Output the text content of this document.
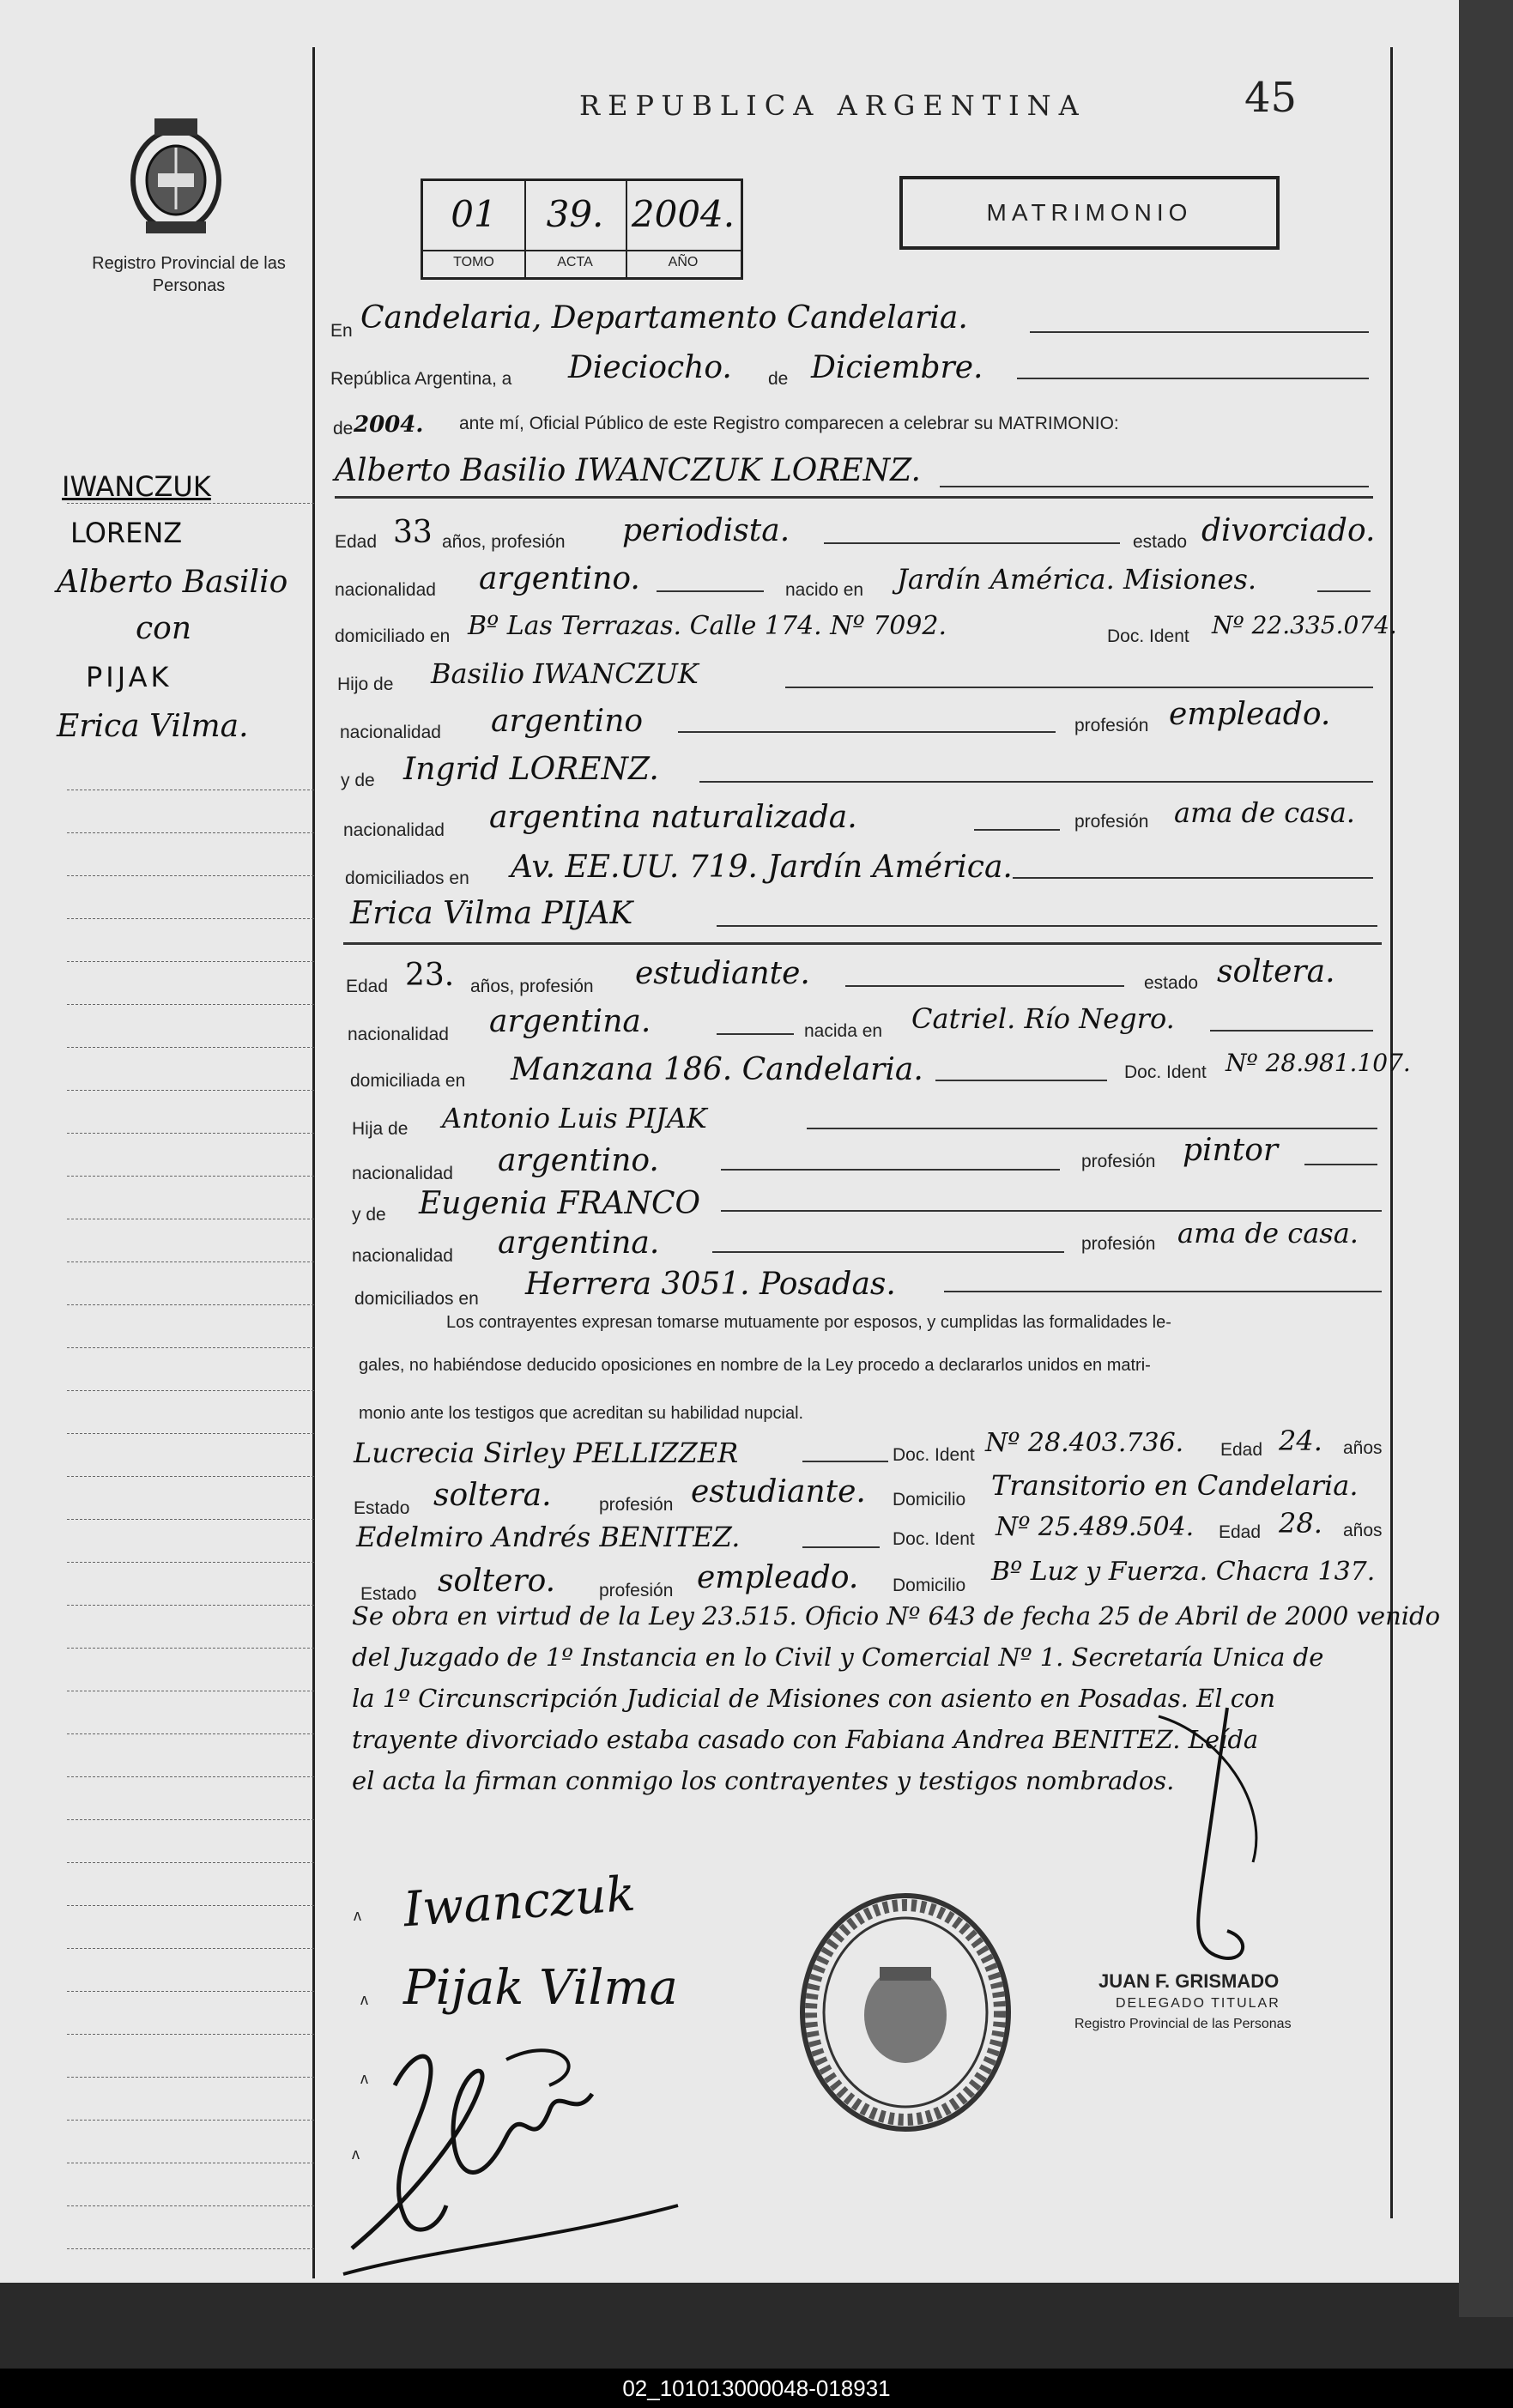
Registro Provincial de las Personas
REPUBLICA ARGENTINA	45
01
TOMO
39.
ACTA
2004.
AÑO
MATRIMONIO
IWANCZUK
LORENZ
Alberto Basilio
con
PIJAK
Erica Vilma.
En Candelaria, Departamento Candelaria.
República Argentina, a Dieciocho. de Diciembre.
de 2004. ante mí, Oficial Público de este Registro comparecen a celebrar su MATRIMONIO:
Alberto Basilio IWANCZUK LORENZ.
Edad 33 años, profesión periodista.	estado divorciado.
nacionalidad argentino.	nacido en Jardín América. Misiones.
domiciliado en Bº Las Terrazas. Calle 174. Nº 7092.	Doc. Ident Nº 22.335.074.
Hijo de Basilio IWANCZUK
nacionalidad argentino	profesión empleado.
y de Ingrid LORENZ.
nacionalidad argentina naturalizada.	profesión ama de casa.
domiciliados en Av. EE.UU. 719. Jardín América.
Erica Vilma PIJAK
Edad 23. años, profesión estudiante.	estado soltera.
nacionalidad argentina.	nacida en Catriel. Río Negro.
domiciliada en Manzana 186. Candelaria.	Doc. Ident Nº 28.981.107.
Hija de Antonio Luis PIJAK
nacionalidad argentino.	profesión pintor
y de Eugenia FRANCO
nacionalidad argentina.	profesión ama de casa.
domiciliados en Herrera 3051. Posadas.
Los contrayentes expresan tomarse mutuamente por esposos, y cumplidas las formalidades le-
gales, no habiéndose deducido oposiciones en nombre de la Ley procedo a declararlos unidos en matri-
monio ante los testigos que acreditan su habilidad nupcial.
Lucrecia Sirley PELLIZZER	Doc. Ident Nº 28.403.736. Edad 24. años
Estado soltera.	profesión estudiante. Domicilio Transitorio en Candelaria.
Edelmiro Andrés BENITEZ.	Doc. Ident Nº 25.489.504. Edad 28. años
Estado soltero. profesión empleado. Domicilio Bº Luz y Fuerza. Chacra 137.
Se obra en virtud de la Ley 23.515. Oficio Nº 643 de fecha 25 de Abril de 2000 venido
del Juzgado de 1º Instancia en lo Civil y Comercial Nº 1. Secretaría Unica de
la 1º Circunscripción Judicial de Misiones con asiento en Posadas. El con
trayente divorciado estaba casado con Fabiana Andrea BENITEZ. Leída
el acta la firman conmigo los contrayentes y testigos nombrados.
ʌ Iwanczuk
ʌ Pijak Vilma
ʌ
ʌ
JUAN F. GRISMADO
DELEGADO TITULAR
Registro Provincial de las Personas
02_101013000048-018931
